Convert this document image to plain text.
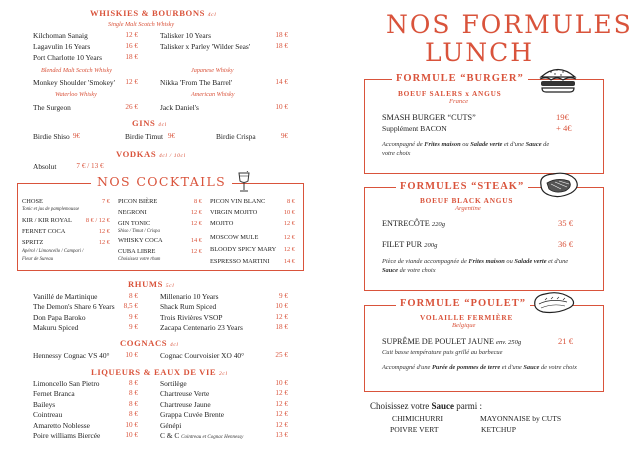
WHISKIES & BOURBONS 4cl
Single Malt Scotch Whisky
Kilchoman Sanaig	12 €
Lagavulin 16 Years	16 €
Port Charlotte 10 Years	18 €
Talisker 10 Years	18 €
Talisker x Parley 'Wilder Seas'	18 €
Blended Malt Scotch Whisky	Japanese Whisky
Monkey Shoulder 'Smokey'	12 €	Nikka 'From The Barrel'	14 €
Waterloo Whisky	American Whisky
The Surgeon	26 €	Jack Daniel's	10 €
GINS 4cl
Birdie Shiso 9€	Birdie Timut 9€	Birdie Crispa	9€
VODKAS 4cl / 10cl
Absolut	7 € / 13 €
NOS COCKTAILS
CHOSE	7 €
Tonic et jus de pamplemousse
KIR / KIR ROYAL	8 € / 12 €
FERNET COCA	12 €
SPRITZ	12 €
Apérol / Limoncello / Campari / Fleur de Sureau
PICON BIÈRE	8 €
NEGRONI	12 €
GIN TONIC	12 €
Shiso / Timut / Crispa
WHISKY COCA	14 €
CUBA LIBRE	12 €
Choisissez votre rhum
PICON VIN BLANC	8 €
VIRGIN MOJITO	10 €
MOJITO	12 €
MOSCOW MULE	12 €
BLOODY SPICY MARY	12 €
ESPRESSO MARTINI	14 €
RHUMS 5cl
Vanillé de Martinique	8 €
The Demon's Share 6 Years	8,5 €
Don Papa Baroko	9 €
Makuru Spiced	9 €
Millenario 10 Years	9 €
Shack Rum Spiced	10 €
Trois Rivières VSOP	12 €
Zacapa Centenario 23 Years	18 €
COGNACS 4cl
Hennessy Cognac VS 40°	10 €	Cognac Courvoisier XO 40°	25 €
LIQUEURS & EAUX DE VIE 2cl
Limoncello San Pietro	8 €
Fernet Branca	8 €
Baileys	8 €
Cointreau	8 €
Amaretto Noblesse	10 €
Poire williams Biercée	10 €
Sortilège	10 €
Chartreuse Verte	12 €
Chartreuse Jaune	12 €
Grappa Cuvée Brente	12 €
Génépi	12 €
C & C Cointreau et Cognac Hennessy	13 €
NOS FORMULES
LUNCH
FORMULE “BURGER”
BOEUF SALERS x ANGUS
France
SMASH BURGER “CUTS”	19€
Supplément BACON	+ 4€
Accompagné de Frites maison ou Salade verte et d'une Sauce de votre choix
FORMULES “STEAK”
BOEUF BLACK ANGUS
Argentine
ENTRECÔTE 220g	35 €
FILET PUR 200g	36 €
Pièce de viande accompagnée de Frites maison ou Salade verte et d'une Sauce de votre choix
FORMULE “POULET”
VOLAILLE FERMIÈRE
Belgique
SUPRÊME DE POULET JAUNE env. 250g	21 €
Cuit basse température puis grillé au barbecue
Accompagné d'une Purée de pommes de terre et d'une Sauce de votre choix
Choisissez votre Sauce parmi :
CHIMICHURRI	MAYONNAISE by CUTS
POIVRE VERT	KETCHUP
